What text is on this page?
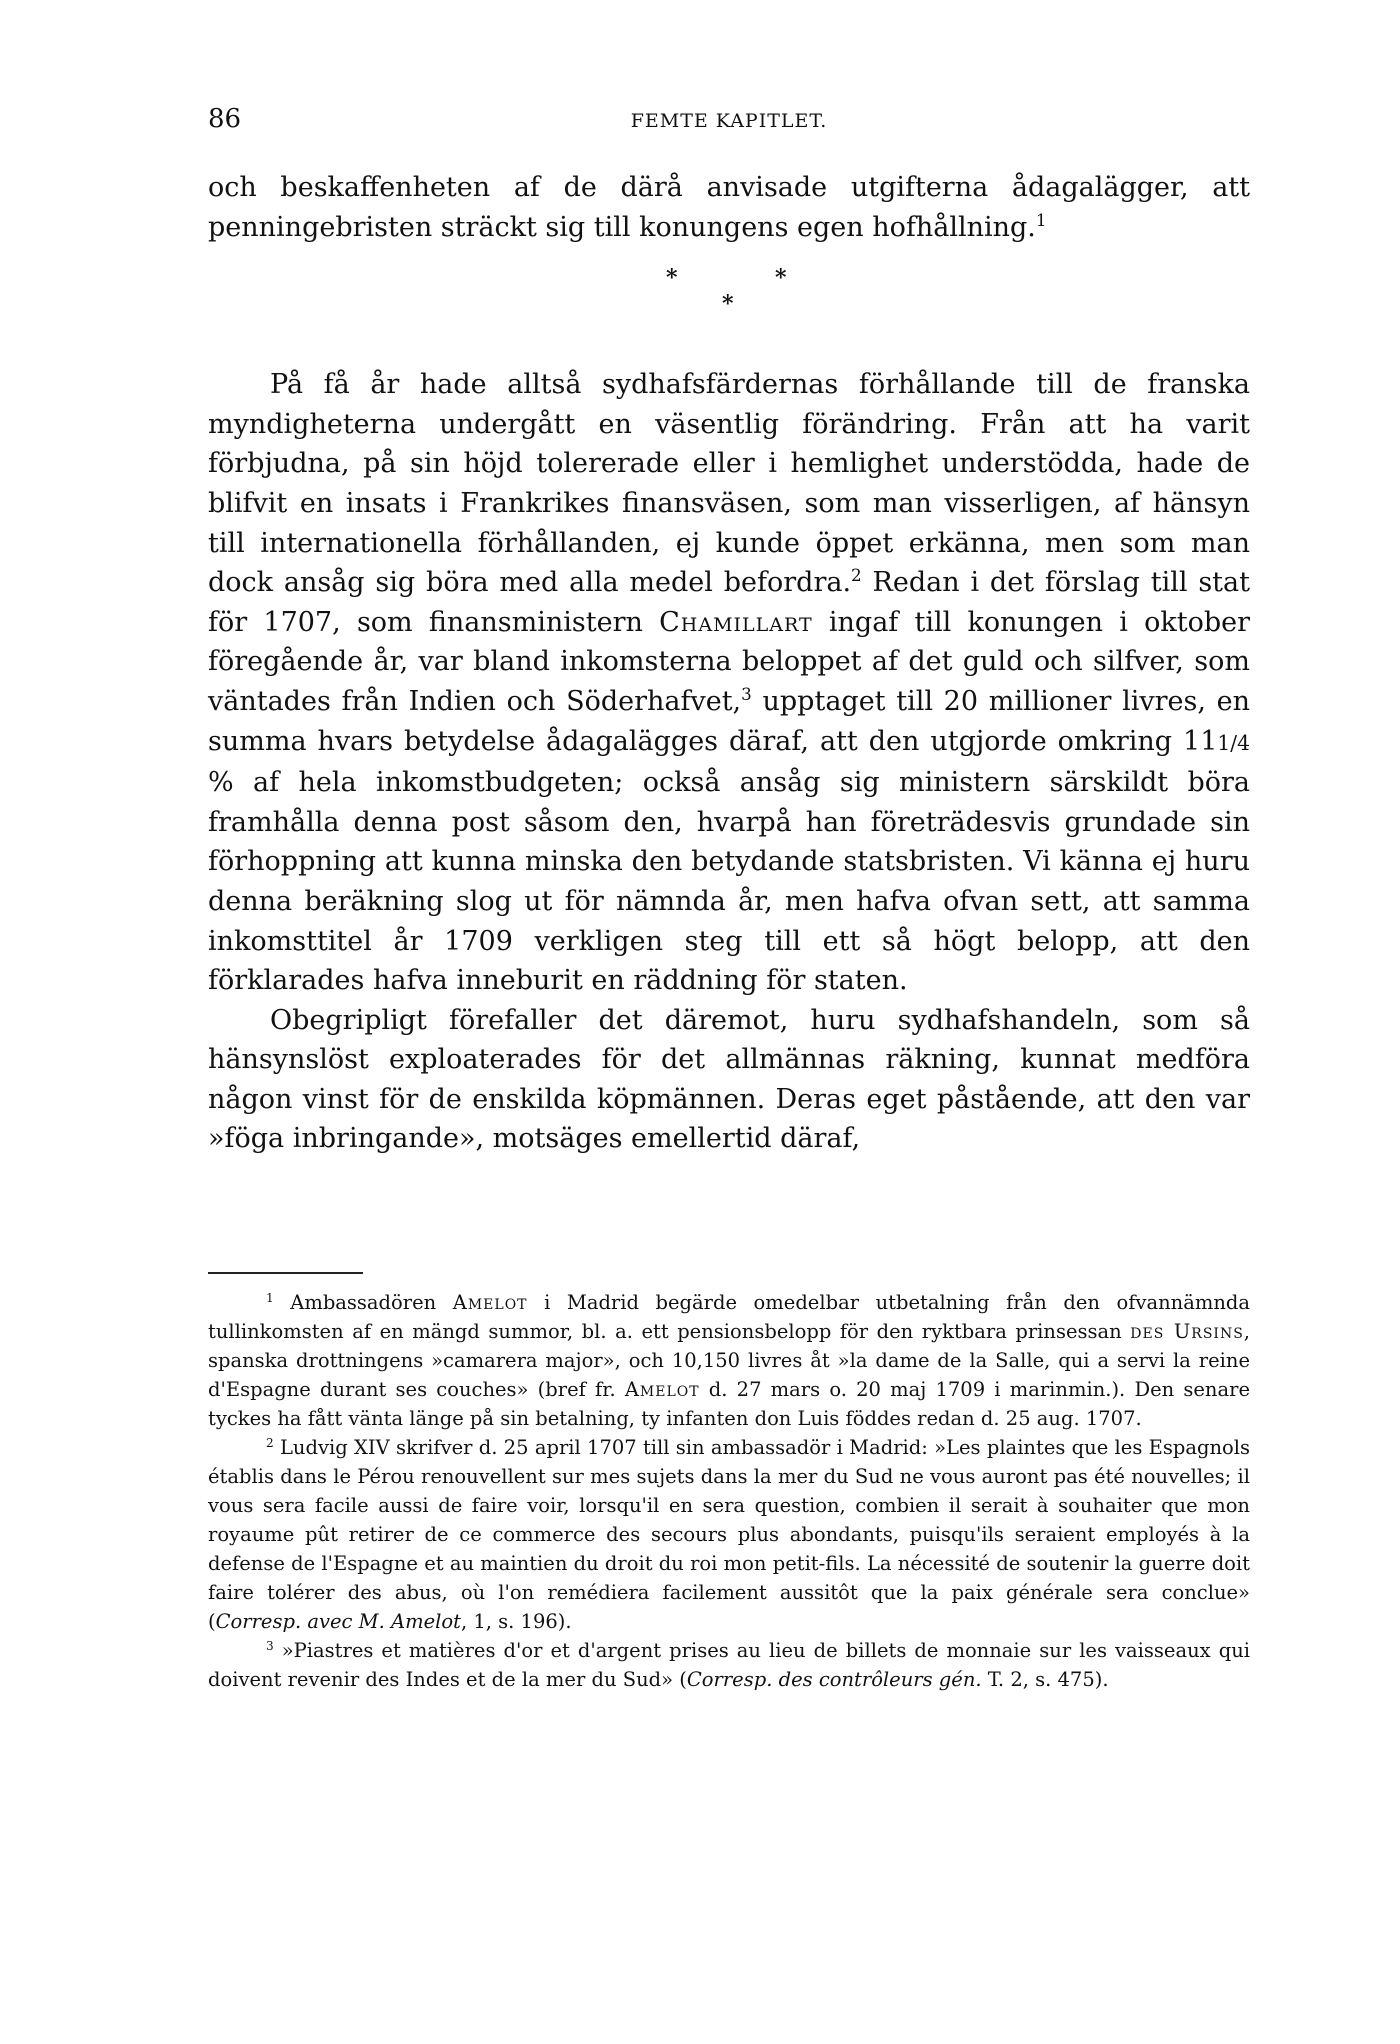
86	FEMTE KAPITLET.

och beskaffenheten af de därå anvisade utgifterna ådagalägger, att penningebristen sträckt sig till konungens egen hofhållning.$^1$

*
*
*

På få år hade alltså sydhafsfärdernas förhållande till de franska myndigheterna undergått en väsentlig förändring. Från att ha varit förbjudna, på sin höjd tolererade eller i hemlighet understödda, hade de blifvit en insats i Frankrikes finansväsen, som man visserligen, af hänsyn till internationella förhållanden, ej kunde öppet erkänna, men som man dock ansåg sig böra med alla medel befordra.$^2$ Redan i det förslag till stat för 1707, som finansministern Chamillart ingaf till konungen i oktober föregående år, var bland inkomsterna beloppet af det guld och silfver, som väntades från Indien och Söderhafvet,$^3$ upptaget till 20 millioner livres, en summa hvars betydelse ådagalägges däraf, att den utgjorde omkring 111/4 % af hela inkomstbudgeten; också ansåg sig ministern särskildt böra framhålla denna post såsom den, hvarpå han företrädesvis grundade sin förhoppning att kunna minska den betydande statsbristen. Vi känna ej huru denna beräkning slog ut för nämnda år, men hafva ofvan sett, att samma inkomsttitel år 1709 verkligen steg till ett så högt belopp, att den förklarades hafva inneburit en räddning för staten.

Obegripligt förefaller det däremot, huru sydhafshandeln, som så hänsynslöst exploaterades för det allmännas räkning, kunnat medföra någon vinst för de enskilda köpmännen. Deras eget påstående, att den var »föga inbringande», motsäges emellertid däraf,

$^1$ Ambassadören Amelot i Madrid begärde omedelbar utbetalning från den ofvannämnda tullinkomsten af en mängd summor, bl. a. ett pensionsbelopp för den ryktbara prinsessan des Ursins, spanska drottningens »camarera major», och 10,150 livres åt »la dame de la Salle, qui a servi la reine d'Espagne durant ses couches» (bref fr. Amelot d. 27 mars o. 20 maj 1709 i marinmin.). Den senare tyckes ha fått vänta länge på sin betalning, ty infanten don Luis föddes redan d. 25 aug. 1707.

$^2$ Ludvig XIV skrifver d. 25 april 1707 till sin ambassadör i Madrid: »Les plaintes que les Espagnols établis dans le Pérou renouvellent sur mes sujets dans la mer du Sud ne vous auront pas été nouvelles; il vous sera facile aussi de faire voir, lorsqu'il en sera question, combien il serait à souhaiter que mon royaume pût retirer de ce commerce des secours plus abondants, puisqu'ils seraient employés à la defense de l'Espagne et au maintien du droit du roi mon petit-fils. La nécessité de soutenir la guerre doit faire tolérer des abus, où l'on remédiera facilement aussitôt que la paix générale sera conclue» (Corresp. avec M. Amelot, 1, s. 196).

$^3$ »Piastres et matières d'or et d'argent prises au lieu de billets de monnaie sur les vaisseaux qui doivent revenir des Indes et de la mer du Sud» (Corresp. des contrôleurs gén. T. 2, s. 475).
